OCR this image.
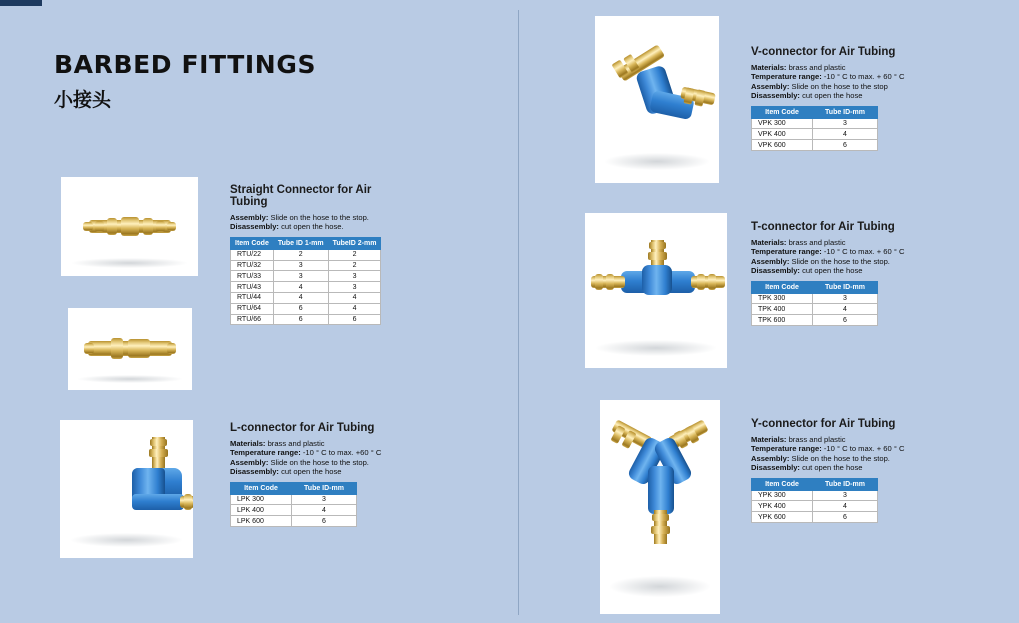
BARBED FITTINGS
小接头
Straight Connector for Air Tubing
Assembly: Slide on the hose to the stop.
Disassembly: cut open the hose.
Item Code	Tube ID 1-mm	TubeID 2-mm
RTU/22	2	2
RTU/32	3	2
RTU/33	3	3
RTU/43	4	3
RTU/44	4	4
RTU/64	6	4
RTU/66	6	6
L-connector for Air Tubing
Materials: brass and plastic
Temperature range: -10 ° C to max. +60 ° C
Assembly: Slide on the hose to the stop.
Disassembly: cut open the hose
Item Code	Tube ID-mm
LPK 300	3
LPK 400	4
LPK 600	6
V-connector for Air Tubing
Materials: brass and plastic
Temperature range: -10 ° C to max. + 60 ° C
Assembly: Slide on the hose to the stop
Disassembly: cut open the hose
Item Code	Tube ID-mm
VPK 300	3
VPK 400	4
VPK 600	6
T-connector for Air Tubing
Materials: brass and plastic
Temperature range: -10 ° C to max. + 60 ° C
Assembly: Slide on the hose to the stop.
Disassembly: cut open the hose
Item Code	Tube ID-mm
TPK 300	3
TPK 400	4
TPK 600	6
Y-connector for Air Tubing
Materials: brass and plastic
Temperature range: -10 ° C to max. + 60 ° C
Assembly: Slide on the hose to the stop.
Disassembly: cut open the hose
Item Code	Tube ID-mm
YPK 300	3
YPK 400	4
YPK 600	6
